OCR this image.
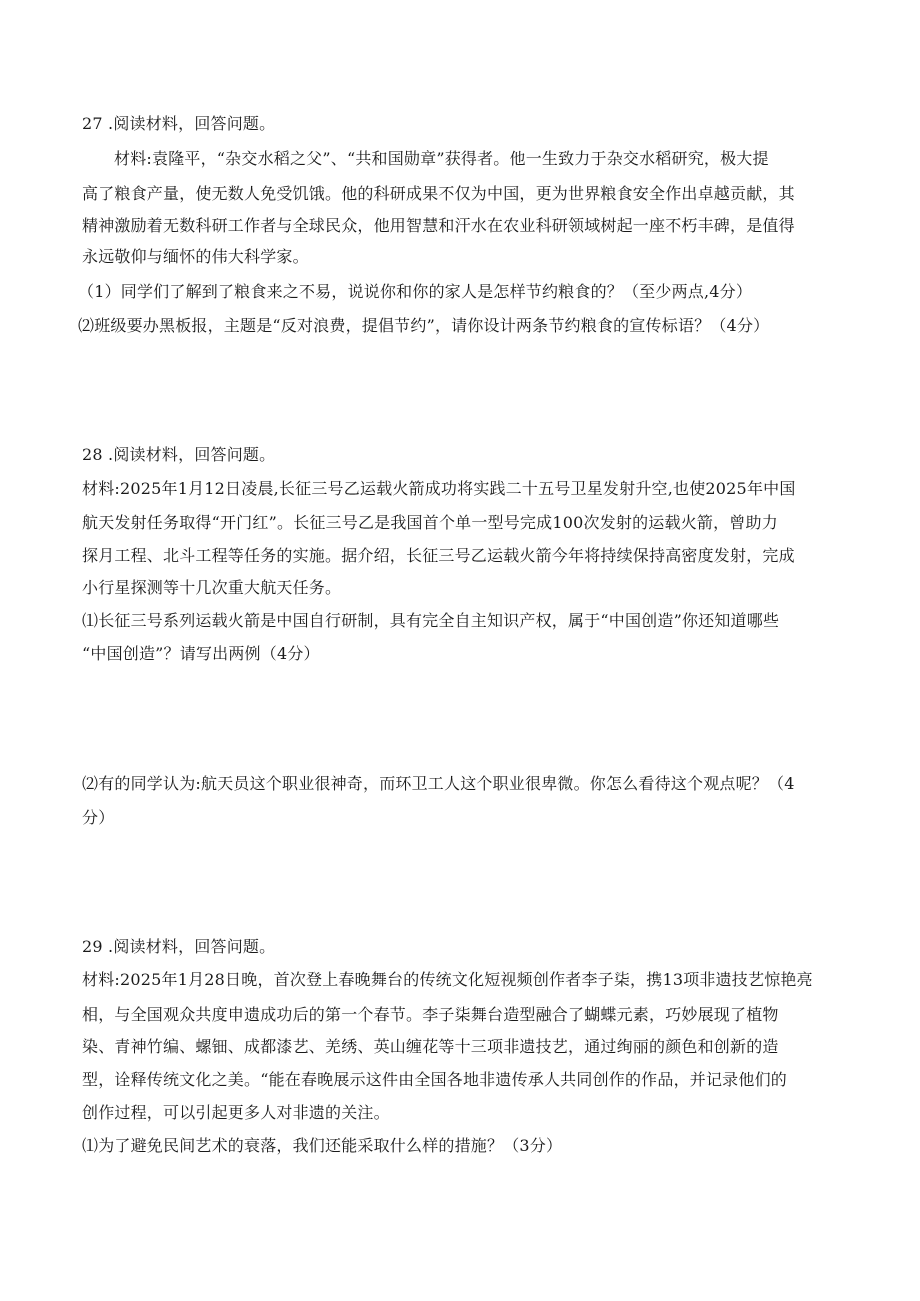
27 .阅读材料，回答问题。
材料:袁隆平，“杂交水稻之父”、“共和国勋章”获得者。他一生致力于杂交水稻研究，极大提
高了粮食产量，使无数人免受饥饿。他的科研成果不仅为中国，更为世界粮食安全作出卓越贡献，其
精神激励着无数科研工作者与全球民众，他用智慧和汗水在农业科研领域树起一座不朽丰碑，是值得
永远敬仰与缅怀的伟大科学家。
（1）同学们了解到了粮食来之不易，说说你和你的家人是怎样节约粮食的？（至少两点,4分）
⑵班级要办黑板报，主题是“反对浪费，提倡节约”，请你设计两条节约粮食的宣传标语？（4分）
28 .阅读材料，回答问题。
材料:2025年1月12日凌晨,长征三号乙运载火箭成功将实践二十五号卫星发射升空,也使2025年中国
航天发射任务取得“开门红”。长征三号乙是我国首个单一型号完成100次发射的运载火箭，曾助力
探月工程、北斗工程等任务的实施。据介绍，长征三号乙运载火箭今年将持续保持高密度发射，完成
小行星探测等十几次重大航天任务。
⑴长征三号系列运载火箭是中国自行研制，具有完全自主知识产权，属于“中国创造”你还知道哪些
“中国创造”？请写出两例（4分）
⑵有的同学认为:航天员这个职业很神奇，而环卫工人这个职业很卑微。你怎么看待这个观点呢？（4
分）
29 .阅读材料，回答问题。
材料:2025年1月28日晚，首次登上春晚舞台的传统文化短视频创作者李子柒，携13项非遗技艺惊艳亮
相，与全国观众共度申遗成功后的第一个春节。李子柒舞台造型融合了蝴蝶元素，巧妙展现了植物
染、青神竹编、螺钿、成都漆艺、羌绣、英山缠花等十三项非遗技艺，通过绚丽的颜色和创新的造
型，诠释传统文化之美。“能在春晚展示这件由全国各地非遗传承人共同创作的作品，并记录他们的
创作过程，可以引起更多人对非遗的关注。
⑴为了避免民间艺术的衰落，我们还能采取什么样的措施？（3分）
